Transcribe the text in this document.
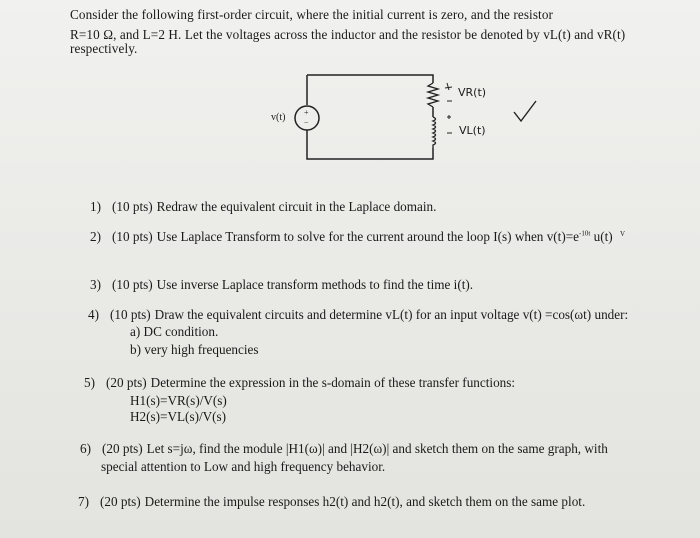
Consider the following first-order circuit, where the initial current is zero, and the resistor
R=10 Ω, and L=2 H. Let the voltages across the inductor and the resistor be denoted by vL(t) and vR(t)
respectively.
v(t) +
−
VR(t)
VL(t)
1) (10 pts) Redraw the equivalent circuit in the Laplace domain.
2) (10 pts) Use Laplace Transform to solve for the current around the loop I(s) when $v(t)=e^{-10t}$ u(t) $^V$
3) (10 pts) Use inverse Laplace transform methods to find the time i(t).
4) (10 pts) Draw the equivalent circuits and determine vL(t) for an input voltage v(t) =cos(ωt) under:
a) DC condition.
b) very high frequencies
5) (20 pts) Determine the expression in the s-domain of these transfer functions:
H1(s)=VR(s)/V(s)
H2(s)=VL(s)/V(s)
6) (20 pts) Let s=jω, find the module |H1(ω)| and |H2(ω)| and sketch them on the same graph, with
special attention to Low and high frequency behavior.
7) (20 pts) Determine the impulse responses h2(t) and h2(t), and sketch them on the same plot.
